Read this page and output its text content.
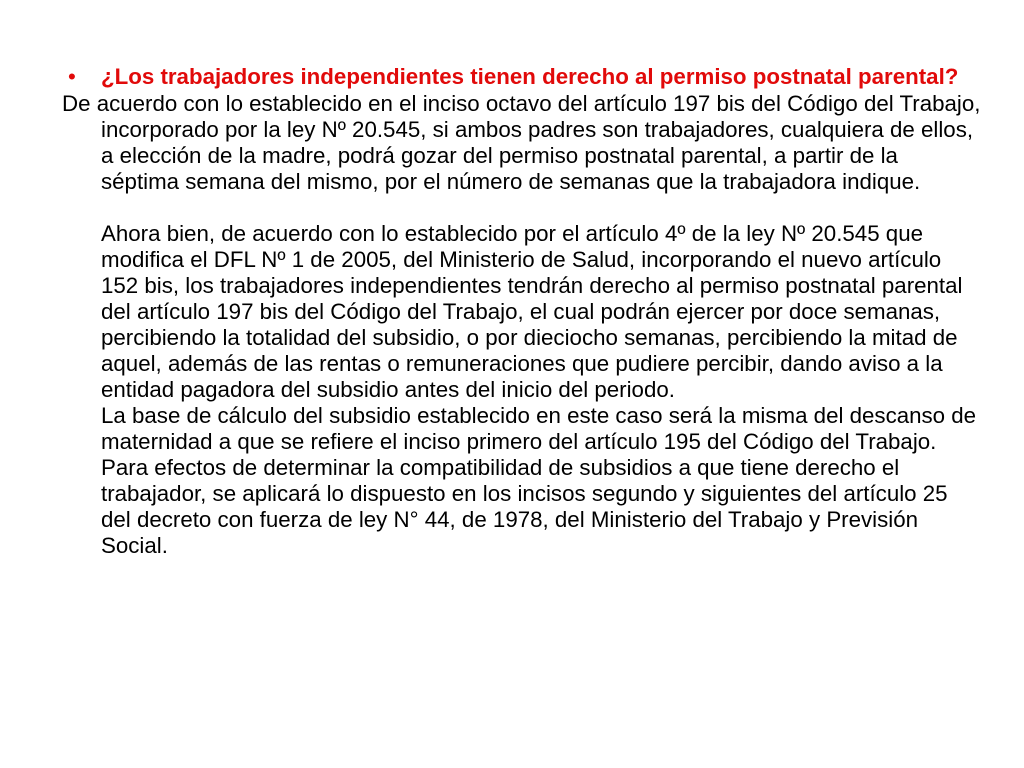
• ¿Los trabajadores independientes tienen derecho al permiso postnatal parental?

De acuerdo con lo establecido en el inciso octavo del artículo 197 bis del Código del Trabajo, incorporado por la ley Nº 20.545, si ambos padres son trabajadores, cualquiera de ellos, a elección de la madre, podrá gozar del permiso postnatal parental, a partir de la séptima semana del mismo, por el número de semanas que la trabajadora indique.

Ahora bien, de acuerdo con lo establecido por el artículo 4º de la ley Nº 20.545 que modifica el DFL Nº 1 de 2005, del Ministerio de Salud, incorporando el nuevo artículo 152 bis, los trabajadores independientes tendrán derecho al permiso postnatal parental del artículo 197 bis del Código del Trabajo, el cual podrán ejercer por doce semanas, percibiendo la totalidad del subsidio, o por dieciocho semanas, percibiendo la mitad de aquel, además de las rentas o remuneraciones que pudiere percibir, dando aviso a la entidad pagadora del subsidio antes del inicio del periodo.

La base de cálculo del subsidio establecido en este caso será la misma del descanso de maternidad a que se refiere el inciso primero del artículo 195 del Código del Trabajo. Para efectos de determinar la compatibilidad de subsidios a que tiene derecho el trabajador, se aplicará lo dispuesto en los incisos segundo y siguientes del artículo 25 del decreto con fuerza de ley N° 44, de 1978, del Ministerio del Trabajo y Previsión Social.
